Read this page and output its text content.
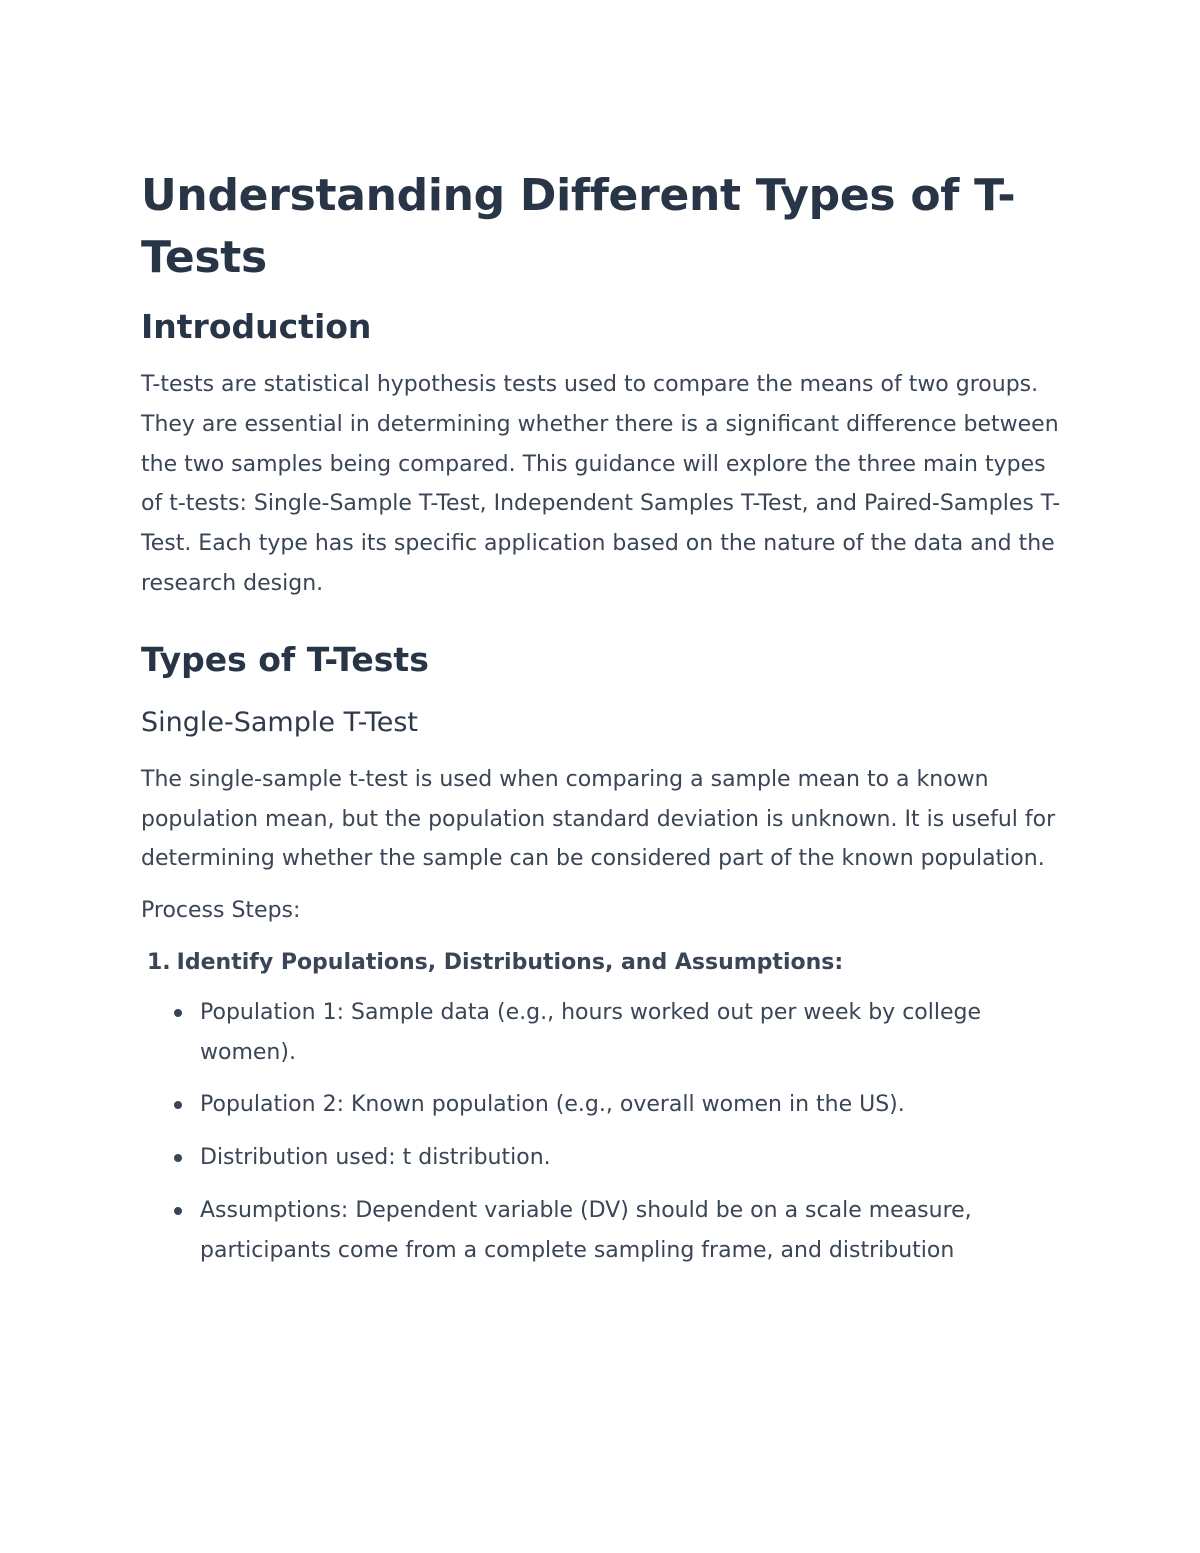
Understanding Different Types of T-Tests
Introduction

T-tests are statistical hypothesis tests used to compare the means of two groups. They are essential in determining whether there is a significant difference between the two samples being compared. This guidance will explore the three main types of t-tests: Single-Sample T-Test, Independent Samples T-Test, and Paired-Samples T-Test. Each type has its specific application based on the nature of the data and the research design.

Types of T-Tests
Single-Sample T-Test

The single-sample t-test is used when comparing a sample mean to a known population mean, but the population standard deviation is unknown. It is useful for determining whether the sample can be considered part of the known population.

Process Steps:

1. Identify Populations, Distributions, and Assumptions:
Population 1: Sample data (e.g., hours worked out per week by college women).
Population 2: Known population (e.g., overall women in the US).
Distribution used: t distribution.
Assumptions: Dependent variable (DV) should be on a scale measure, participants come from a complete sampling frame, and distribution
